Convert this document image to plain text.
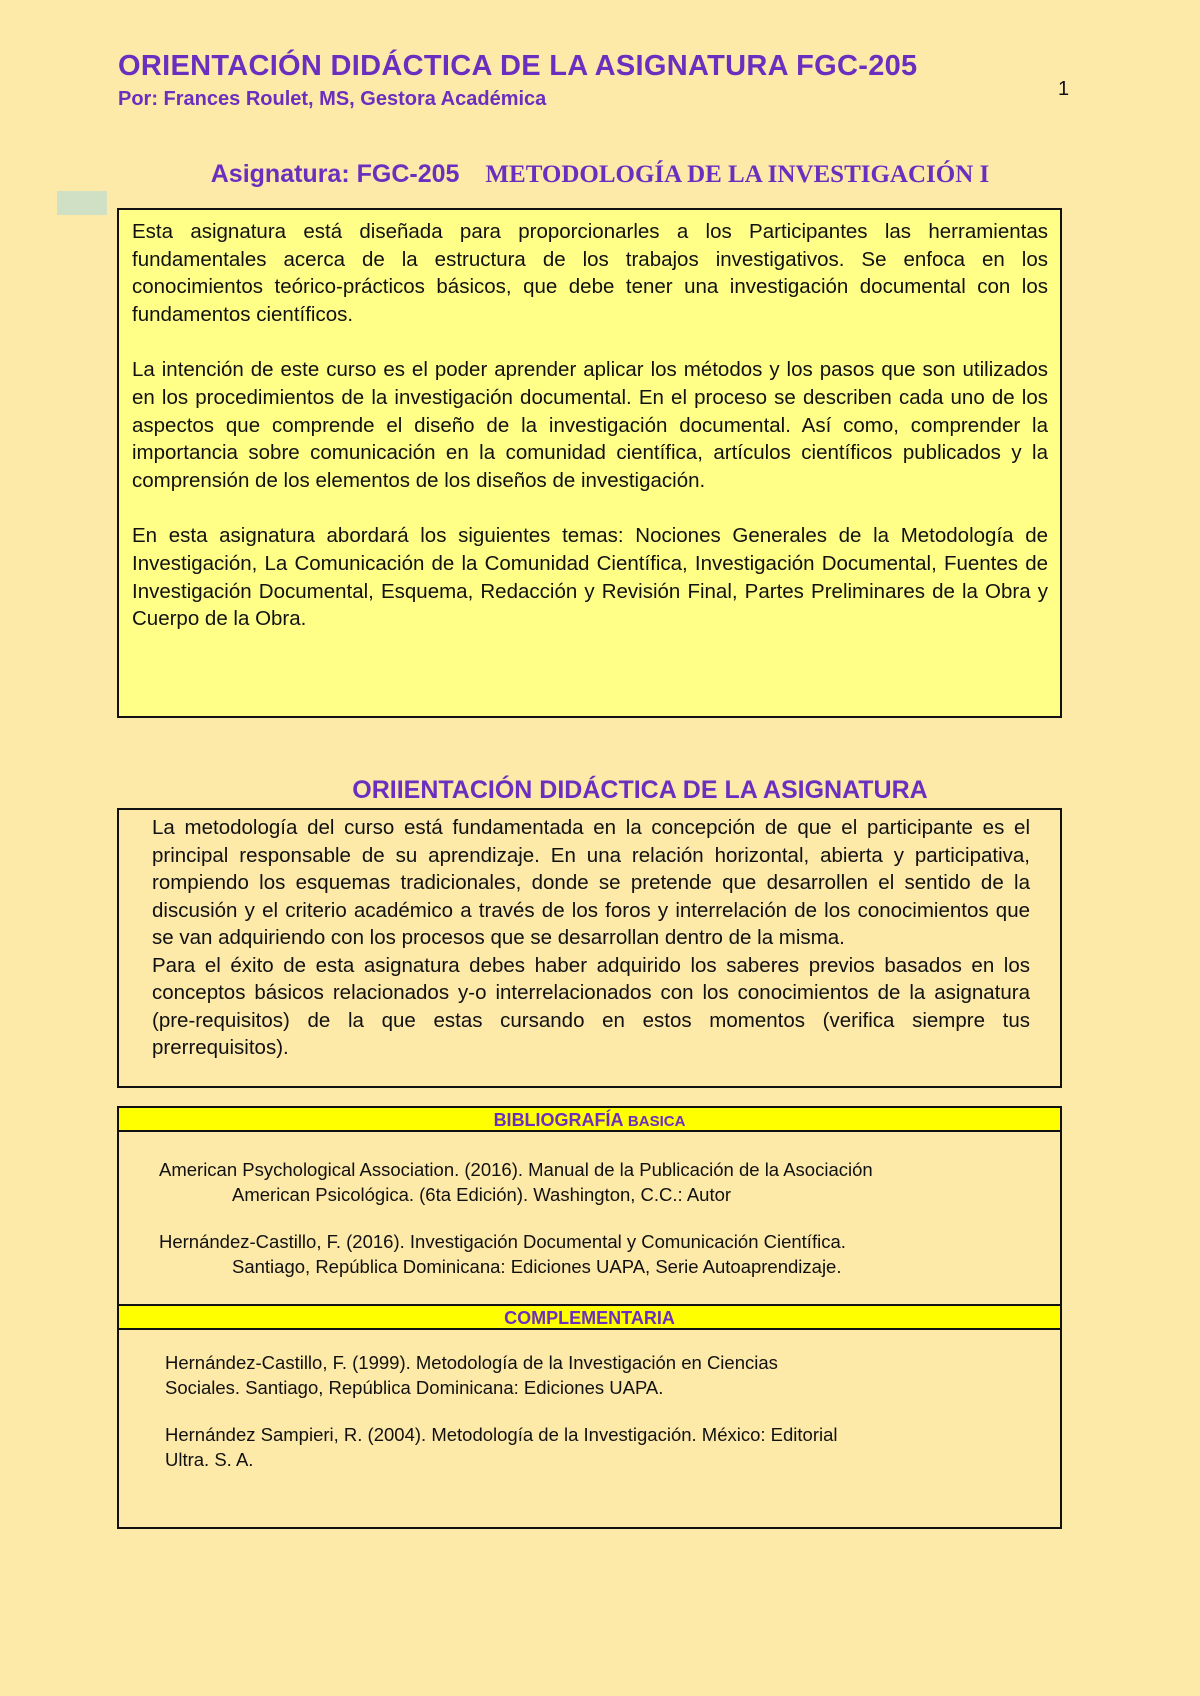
ORIENTACIÓN DIDÁCTICA DE LA ASIGNATURA FGC-205
Por: Frances Roulet, MS, Gestora Académica	1
Asignatura: FGC-205 METODOLOGÍA DE LA INVESTIGACIÓN I

Esta asignatura está diseñada para proporcionarles a los Participantes las herramientas fundamentales acerca de la estructura de los trabajos investigativos. Se enfoca en los conocimientos teórico-prácticos básicos, que debe tener una investigación documental con los fundamentos científicos.

La intención de este curso es el poder aprender aplicar los métodos y los pasos que son utilizados en los procedimientos de la investigación documental. En el proceso se describen cada uno de los aspectos que comprende el diseño de la investigación documental. Así como, comprender la importancia sobre comunicación en la comunidad científica, artículos científicos publicados y la comprensión de los elementos de los diseños de investigación.

En esta asignatura abordará los siguientes temas: Nociones Generales de la Metodología de Investigación, La Comunicación de la Comunidad Científica, Investigación Documental, Fuentes de Investigación Documental, Esquema, Redacción y Revisión Final, Partes Preliminares de la Obra y Cuerpo de la Obra.

ORIIENTACIÓN DIDÁCTICA DE LA ASIGNATURA

La metodología del curso está fundamentada en la concepción de que el participante es el principal responsable de su aprendizaje. En una relación horizontal, abierta y participativa, rompiendo los esquemas tradicionales, donde se pretende que desarrollen el sentido de la discusión y el criterio académico a través de los foros y interrelación de los conocimientos que se van adquiriendo con los procesos que se desarrollan dentro de la misma.

Para el éxito de esta asignatura debes haber adquirido los saberes previos basados en los conceptos básicos relacionados y-o interrelacionados con los conocimientos de la asignatura (pre-requisitos) de la que estas cursando en estos momentos (verifica siempre tus prerrequisitos).

BIBLIOGRAFÍA BASICA
American Psychological Association. (2016). Manual de la Publicación de la Asociación
American Psicológica. (6ta Edición). Washington, C.C.: Autor
Hernández-Castillo, F. (2016). Investigación Documental y Comunicación Científica.
Santiago, República Dominicana: Ediciones UAPA, Serie Autoaprendizaje.
COMPLEMENTARIA
Hernández-Castillo, F. (1999). Metodología de la Investigación en Ciencias
Sociales. Santiago, República Dominicana: Ediciones UAPA.
Hernández Sampieri, R. (2004). Metodología de la Investigación. México: Editorial
Ultra. S. A.
